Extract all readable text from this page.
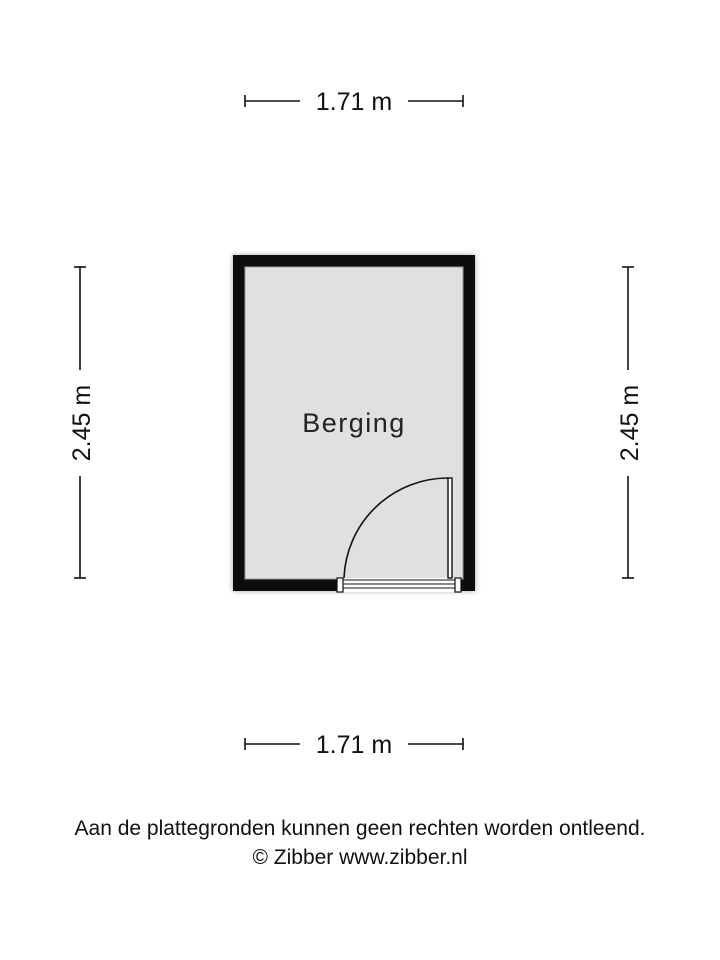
1.71 m
1.71 m
2.45 m	2.45 m
Berging
Aan de plattegronden kunnen geen rechten worden ontleend.
© Zibber www.zibber.nl
